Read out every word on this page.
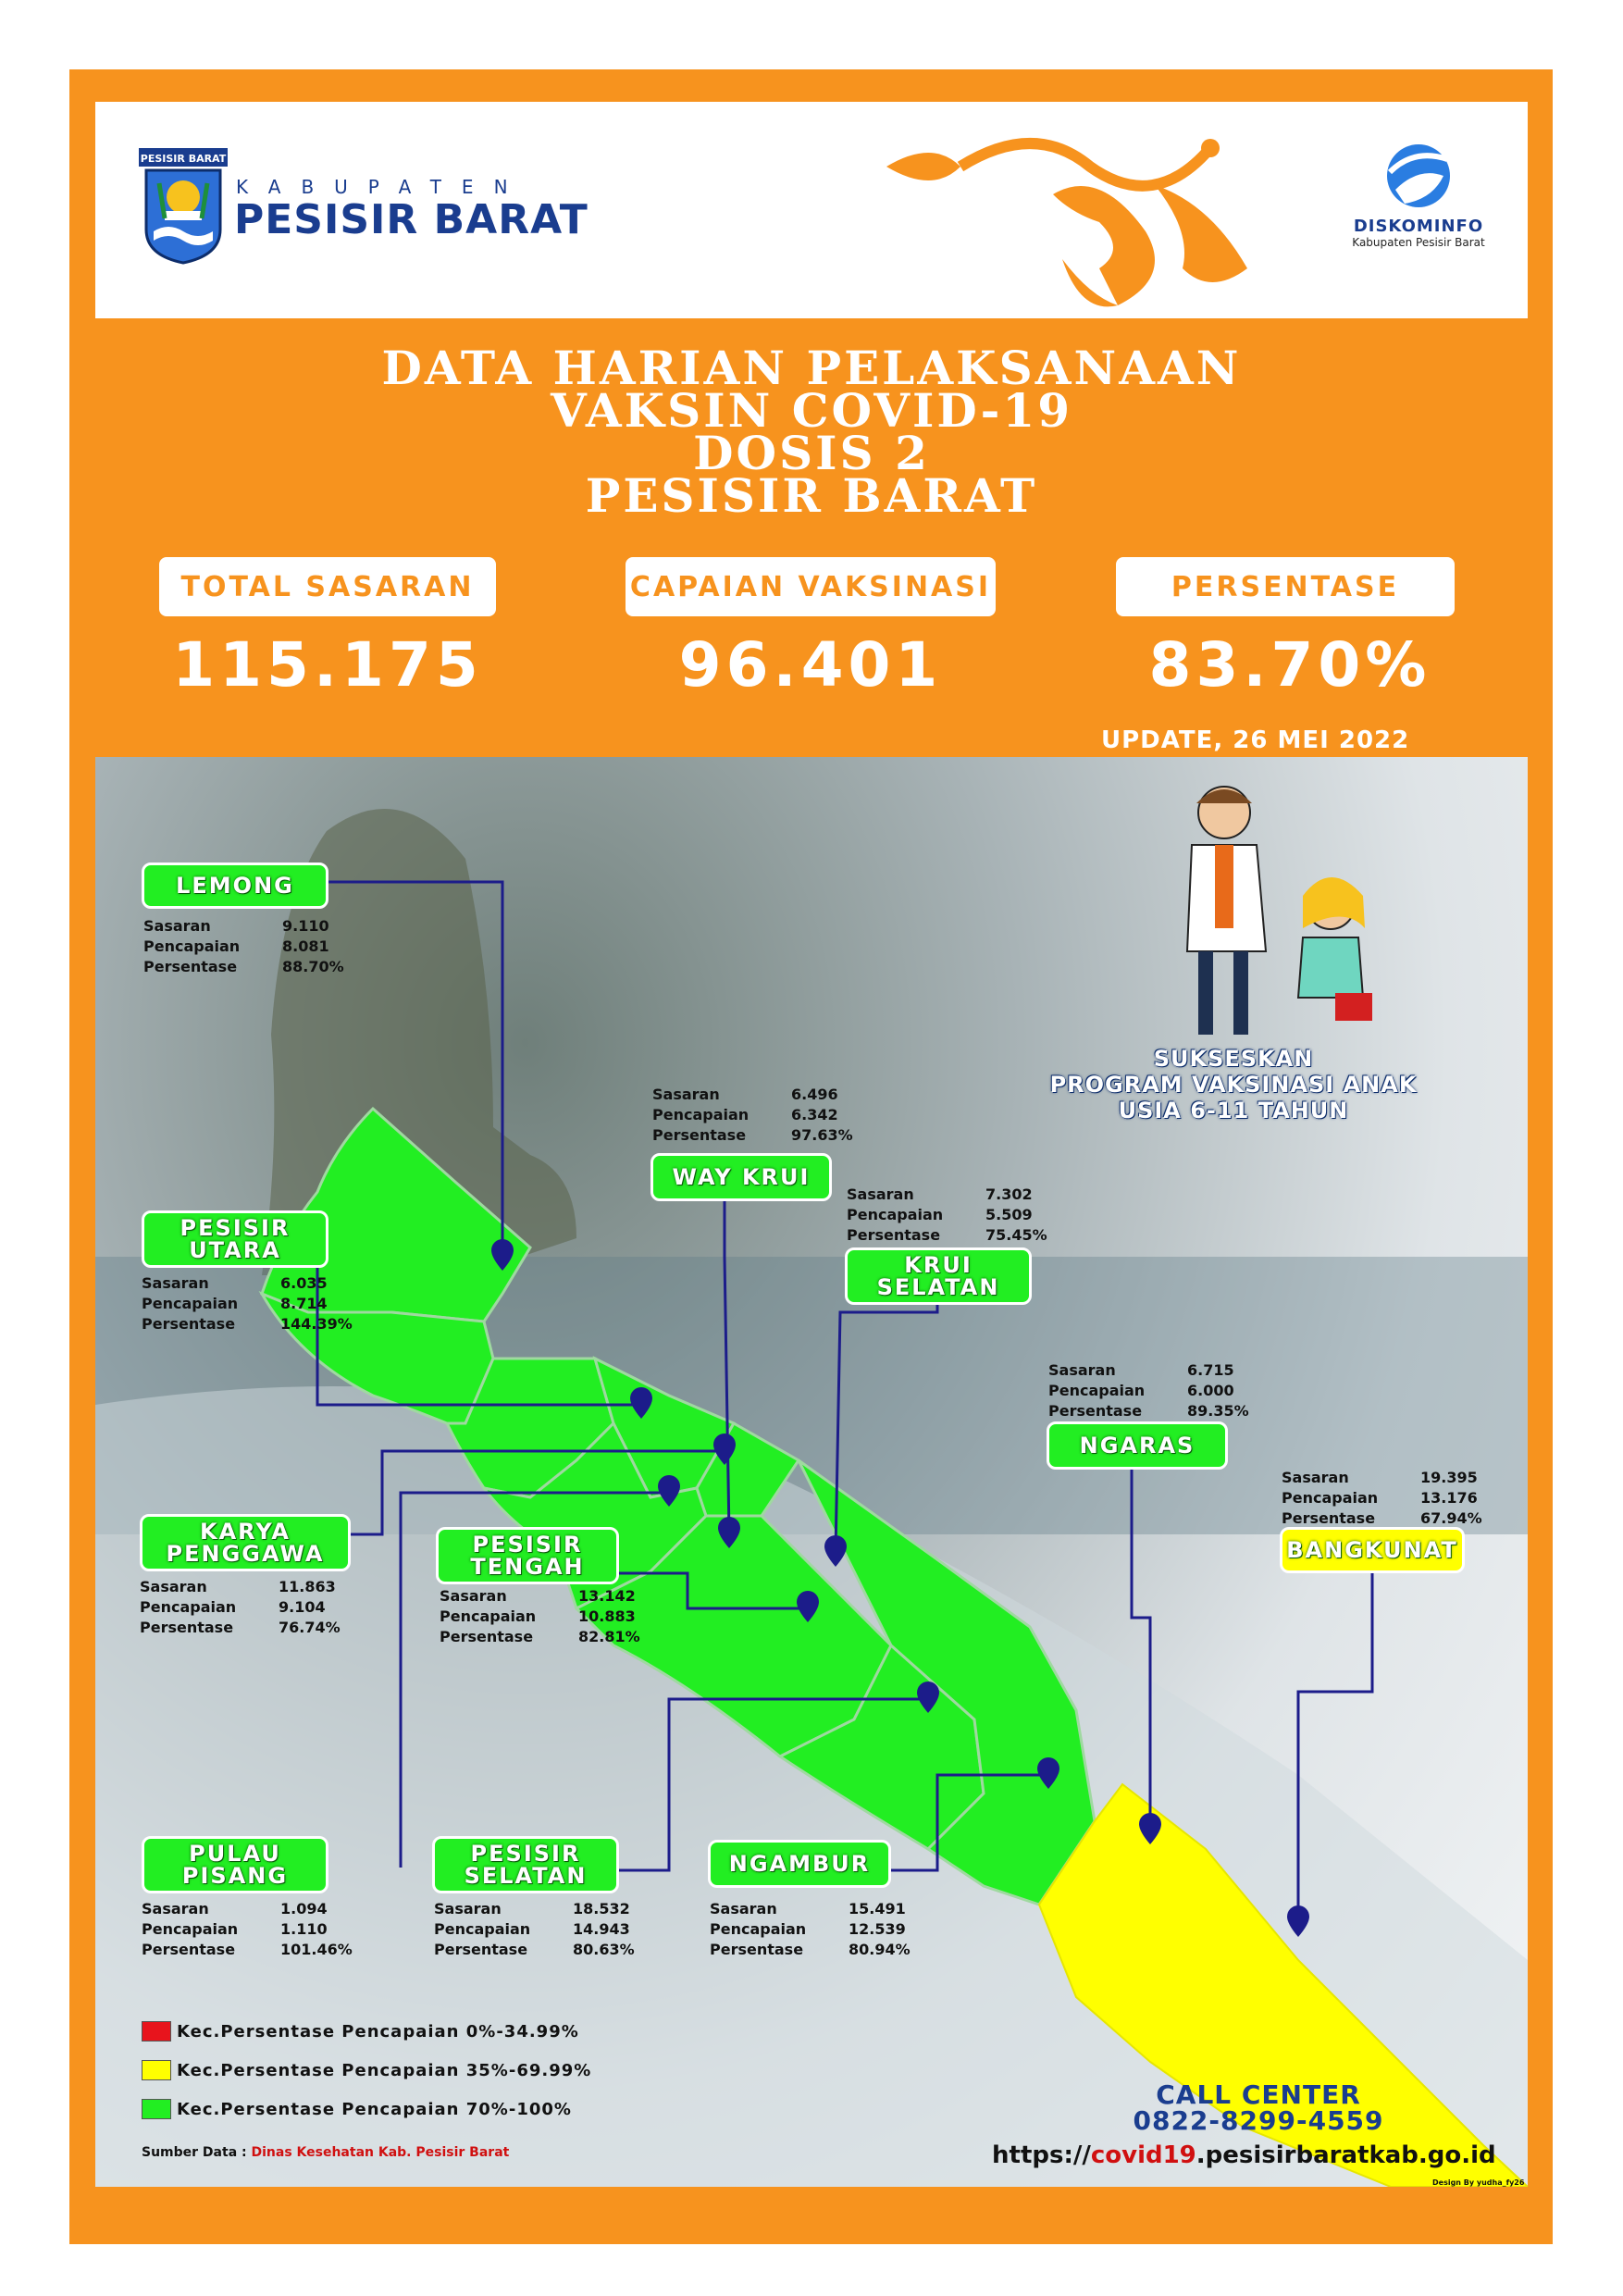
PESISIR BARAT
KABUPATEN
PESISIR BARAT	DISKOMINFO
Kabupaten Pesisir Barat
DATA HARIAN PELAKSANAAN
VAKSIN COVID-19
DOSIS 2
PESISIR BARAT
TOTAL SASARAN	CAPAIAN VAKSINASI	PERSENTASE
115.175	96.401	83.70%
UPDATE, 26 MEI 2022
LEMONG
Sasaran	9.110
Pencapaian	8.081
Persentase	88.70%
Sasaran	6.496
Pencapaian	6.342
Persentase	97.63%
WAY KRUI
Sasaran	7.302
Pencapaian	5.509
Persentase	75.45%
KRUI
SELATAN
PESISIR
UTARA
Sasaran	6.035
Pencapaian	8.714
Persentase	144.39%
Sasaran	6.715
Pencapaian	6.000
Persentase	89.35%
NGARAS
Sasaran	19.395
Pencapaian	13.176
Persentase	67.94%
BANGKUNAT
KARYA
PENGGAWA
Sasaran	11.863
Pencapaian	9.104
Persentase	76.74%
PESISIR
TENGAH
Sasaran	13.142
Pencapaian	10.883
Persentase	82.81%
PULAU
PISANG
Sasaran	1.094
Pencapaian	1.110
Persentase	101.46%
PESISIR
SELATAN
Sasaran	18.532
Pencapaian	14.943
Persentase	80.63%
NGAMBUR
Sasaran	15.491
Pencapaian	12.539
Persentase	80.94%
SUKSESKAN
PROGRAM VAKSINASI ANAK
USIA 6-11 TAHUN
Kec.Persentase Pencapaian 0%-34.99%
Kec.Persentase Pencapaian 35%-69.99%
Kec.Persentase Pencapaian 70%-100%
Sumber Data : Dinas Kesehatan Kab. Pesisir Barat
CALL CENTER
0822-8299-4559
https://covid19.pesisirbaratkab.go.id
Design By yudha_fy26
